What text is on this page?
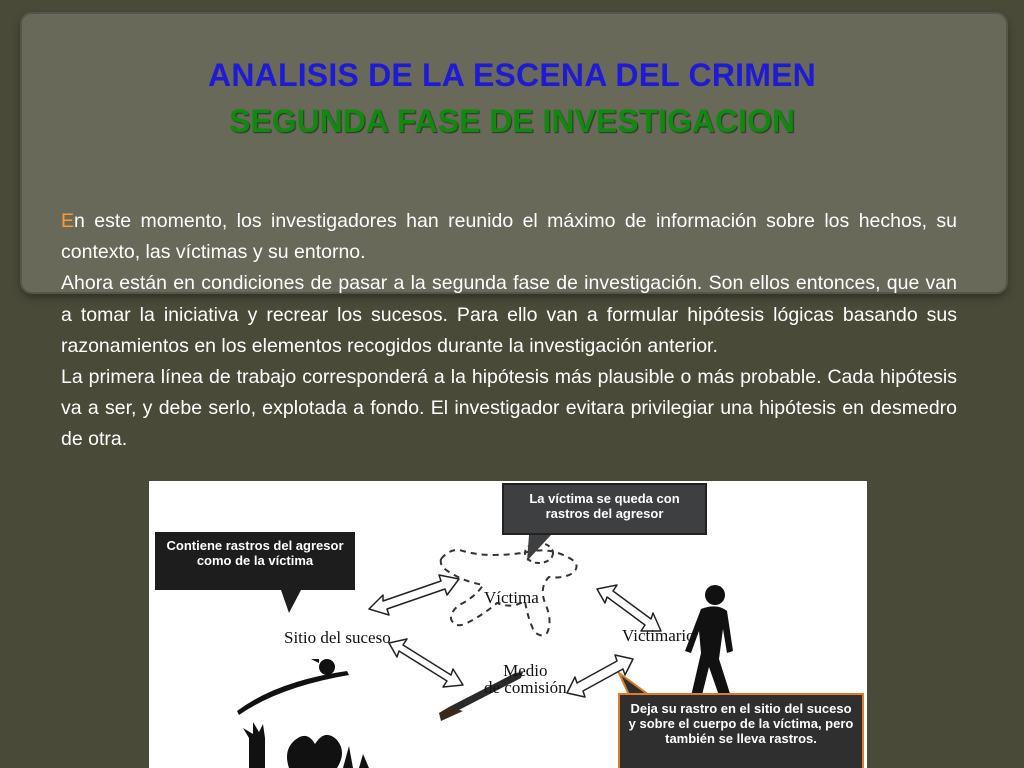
ANALISIS DE LA ESCENA DEL CRIMEN
SEGUNDA FASE DE INVESTIGACION

En este momento, los investigadores han reunido el máximo de información sobre los hechos, su contexto, las víctimas y su entorno.

Ahora están en condiciones de pasar a la segunda fase de investigación. Son ellos entonces, que van a tomar la iniciativa y recrear los sucesos. Para ello van a formular hipótesis lógicas basando sus razonamientos en los elementos recogidos durante la investigación anterior.

La primera línea de trabajo corresponderá a la hipótesis más plausible o más probable. Cada hipótesis va a ser, y debe serlo, explotada a fondo. El investigador evitara privilegiar una hipótesis en desmedro de otra.

Contiene rastros del agresor como de la víctima
La víctima se queda con rastros del agresor
Deja su rastro en el sitio del suceso y sobre el cuerpo de la víctima, pero también se lleva rastros.
Sitio del suceso
Víctima
Victimario
Medio
de comisión
